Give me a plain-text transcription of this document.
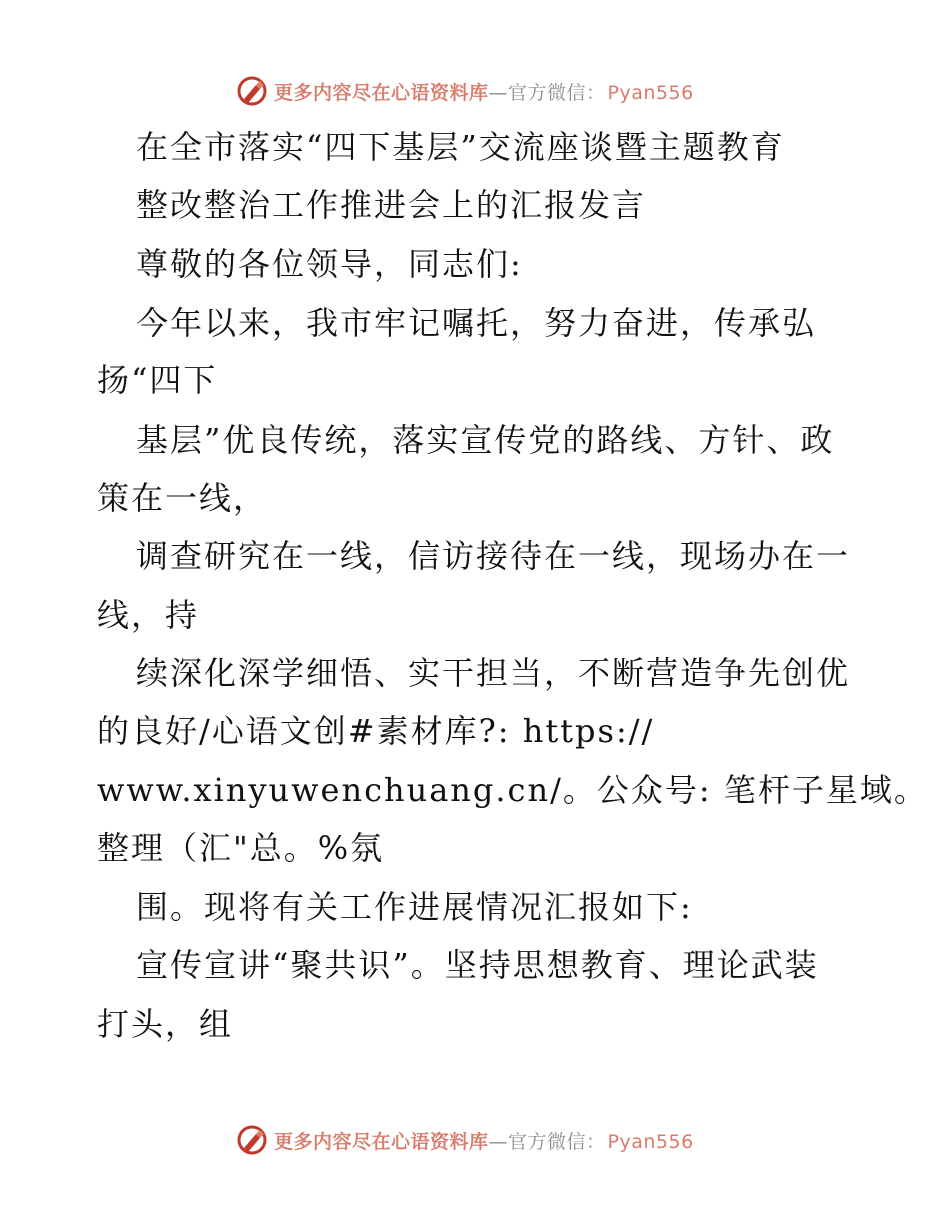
更多内容尽在心语资料库—官方微信： Pyan556
在全市落实“四下基层”交流座谈暨主题教育
整改整治工作推进会上的汇报发言
尊敬的各位领导，同志们:
今年以来，我市牢记嘱托，努力奋进，传承弘
扬“四下
基层”优良传统，落实宣传党的路线、方针、政
策在一线，
调查研究在一线，信访接待在一线，现场办在一
线，持
续深化深学细悟、实干担当，不断营造争先创优
的良好/心语文创#素材库?: https://
www.xinyuwenchuang.cn/。公众号: 笔杆子星域。
整理（汇"总。%氛
围。现将有关工作进展情况汇报如下:
宣传宣讲“聚共识”。坚持思想教育、理论武装
打头，组
更多内容尽在心语资料库—官方微信： Pyan556
